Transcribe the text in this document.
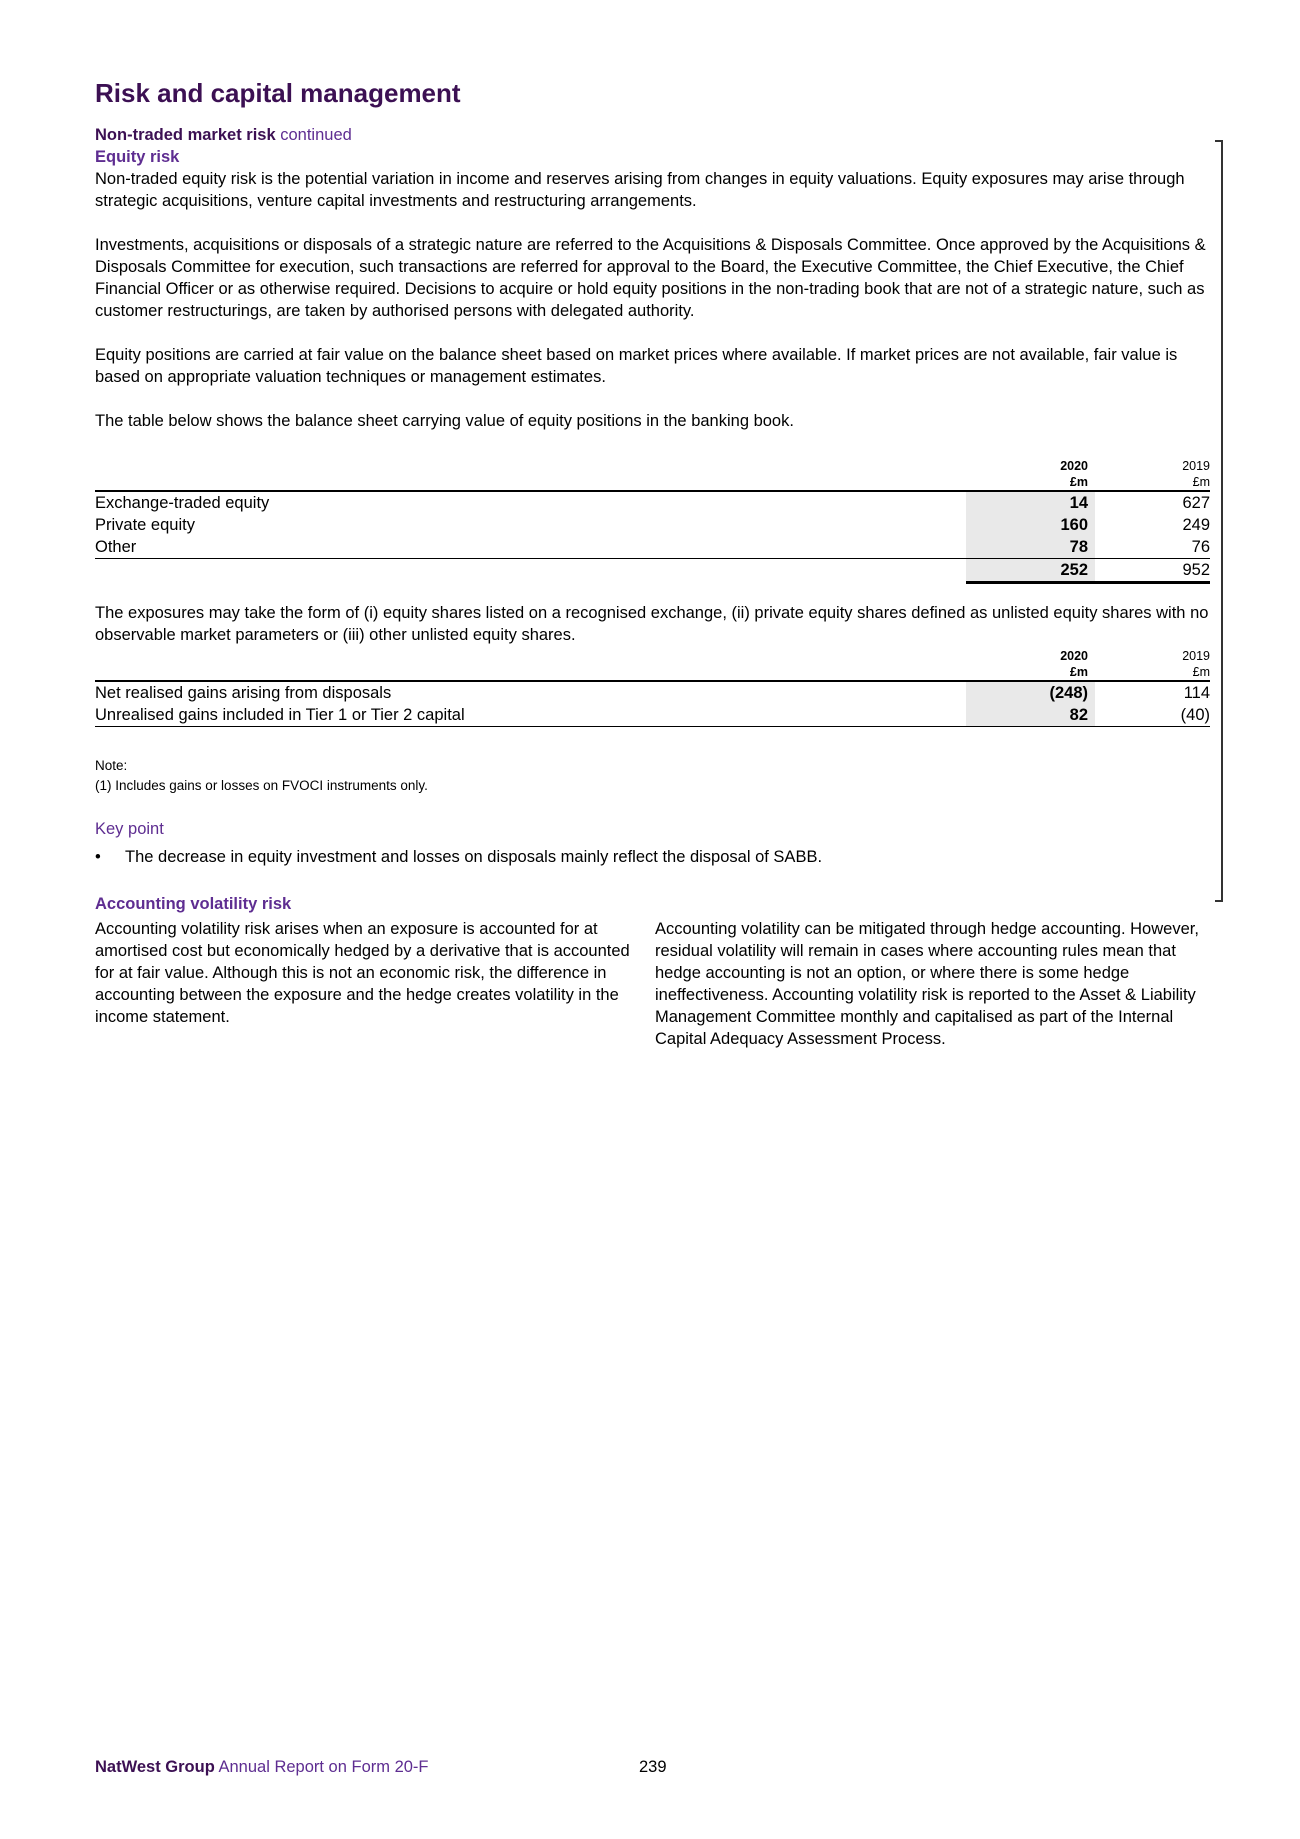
Risk and capital management
Non-traded market risk continued
Equity risk

Non-traded equity risk is the potential variation in income and reserves arising from changes in equity valuations. Equity exposures may arise through strategic acquisitions, venture capital investments and restructuring arrangements.

Investments, acquisitions or disposals of a strategic nature are referred to the Acquisitions & Disposals Committee. Once approved by the Acquisitions & Disposals Committee for execution, such transactions are referred for approval to the Board, the Executive Committee, the Chief Executive, the Chief Financial Officer or as otherwise required. Decisions to acquire or hold equity positions in the non-trading book that are not of a strategic nature, such as customer restructurings, are taken by authorised persons with delegated authority.

Equity positions are carried at fair value on the balance sheet based on market prices where available. If market prices are not available, fair value is based on appropriate valuation techniques or management estimates.

The table below shows the balance sheet carrying value of equity positions in the banking book.

	2020	2019
	£m	£m
Exchange-traded equity	14	627
Private equity	160	249
Other	78	76
	252	952

The exposures may take the form of (i) equity shares listed on a recognised exchange, (ii) private equity shares defined as unlisted equity shares with no observable market parameters or (iii) other unlisted equity shares.

	2020	2019
	£m	£m
Net realised gains arising from disposals	(248)	114
Unrealised gains included in Tier 1 or Tier 2 capital	82	(40)
Note:
(1) Includes gains or losses on FVOCI instruments only.
Key point
• The decrease in equity investment and losses on disposals mainly reflect the disposal of SABB.
Accounting volatility risk

Accounting volatility risk arises when an exposure is accounted for at amortised cost but economically hedged by a derivative that is accounted for at fair value. Although this is not an economic risk, the difference in accounting between the exposure and the hedge creates volatility in the income statement.

Accounting volatility can be mitigated through hedge accounting. However, residual volatility will remain in cases where accounting rules mean that hedge accounting is not an option, or where there is some hedge ineffectiveness. Accounting volatility risk is reported to the Asset & Liability Management Committee monthly and capitalised as part of the Internal Capital Adequacy Assessment Process.

NatWest Group Annual Report on Form 20-F	239
